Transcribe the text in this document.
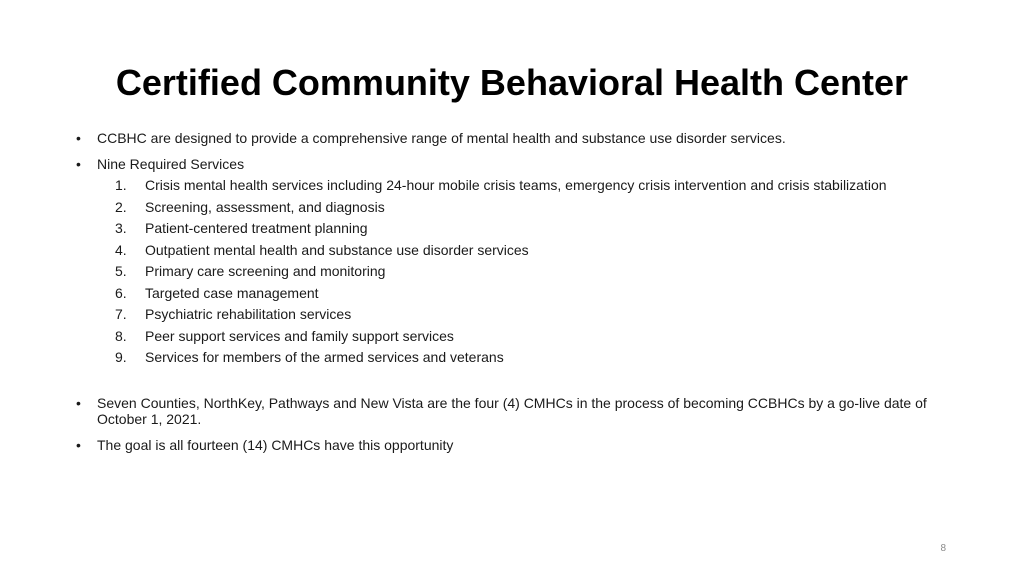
Certified Community Behavioral Health Center
• CCBHC are designed to provide a comprehensive range of mental health and substance use disorder services.
• Nine Required Services
1. Crisis mental health services including 24-hour mobile crisis teams, emergency crisis intervention and crisis stabilization
2. Screening, assessment, and diagnosis
3. Patient-centered treatment planning
4. Outpatient mental health and substance use disorder services
5. Primary care screening and monitoring
6. Targeted case management
7. Psychiatric rehabilitation services
8. Peer support services and family support services
9. Services for members of the armed services and veterans
• Seven Counties, NorthKey, Pathways and New Vista are the four (4) CMHCs in the process of becoming CCBHCs by a go-live date of October 1, 2021.
• The goal is all fourteen (14) CMHCs have this opportunity
8
